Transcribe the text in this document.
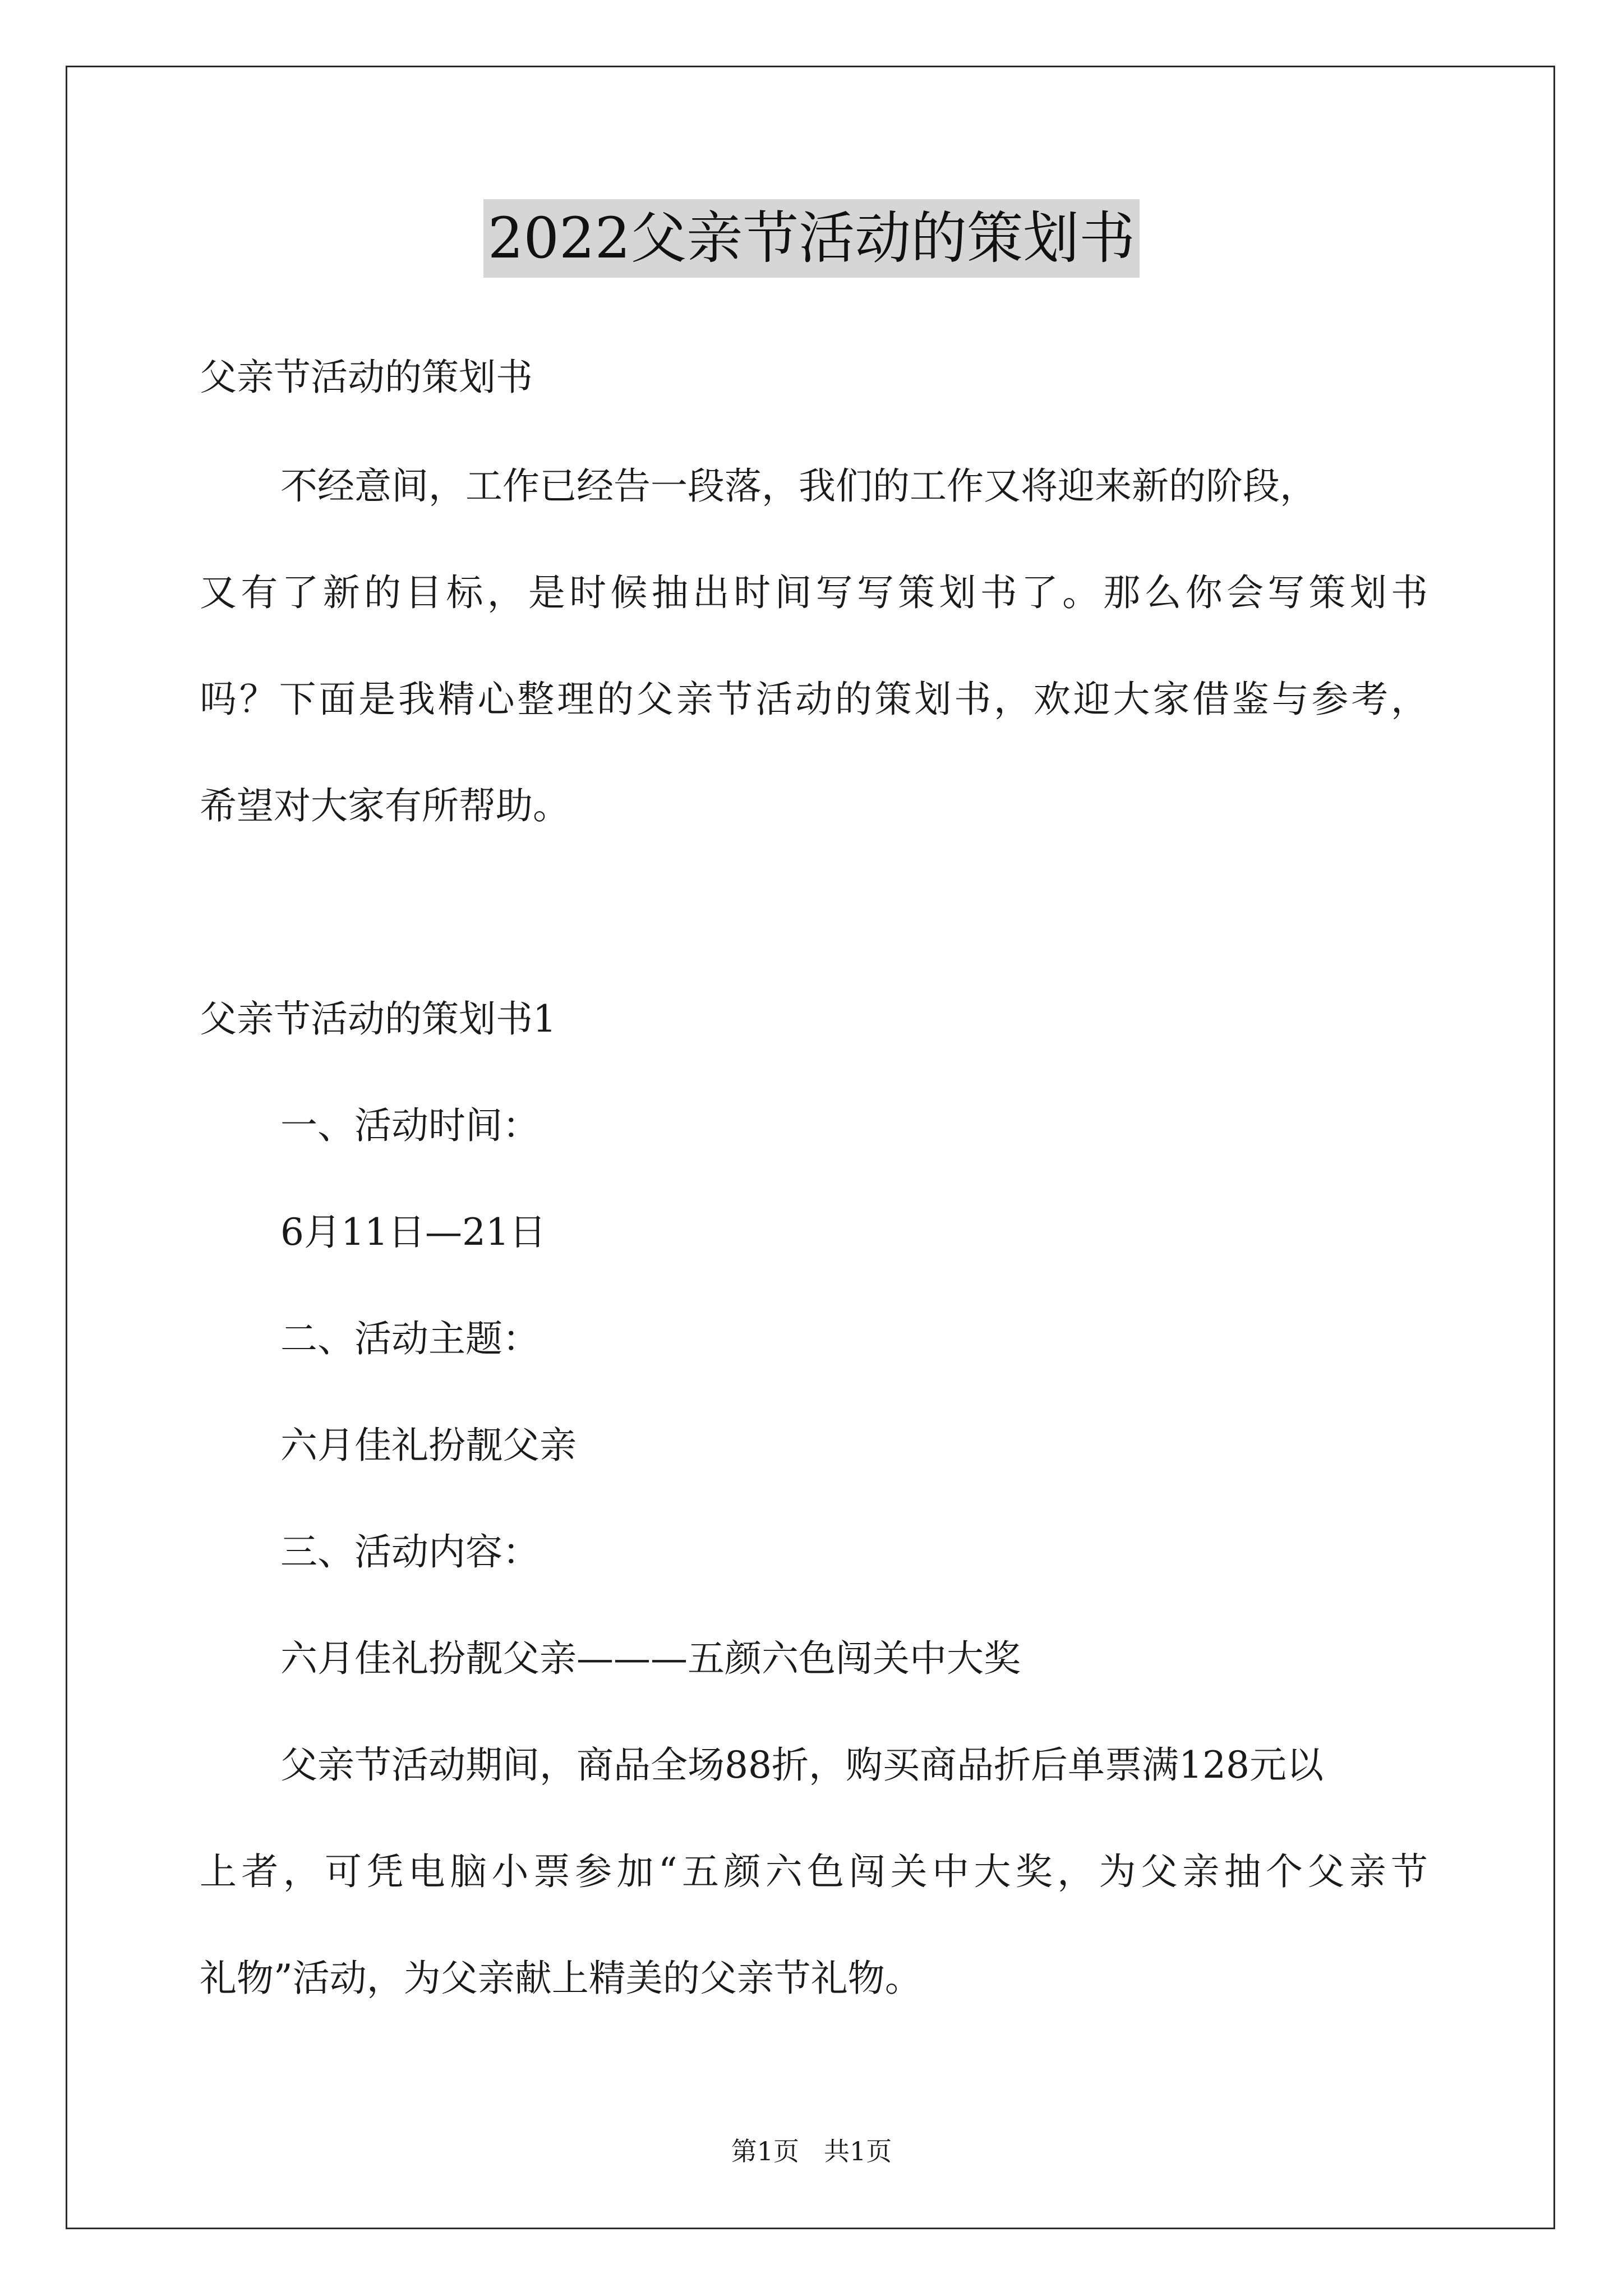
2022父亲节活动的策划书
父亲节活动的策划书
不经意间，工作已经告一段落，我们的工作又将迎来新的阶段，
又有了新的目标，是时候抽出时间写写策划书了。那么你会写策划书
吗？下面是我精心整理的父亲节活动的策划书，欢迎大家借鉴与参考，
希望对大家有所帮助。
父亲节活动的策划书1
一、活动时间：
6月11日—21日
二、活动主题：
六月佳礼扮靓父亲
三、活动内容：
六月佳礼扮靓父亲———五颜六色闯关中大奖
父亲节活动期间，商品全场88折，购买商品折后单票满128元以
上者，可凭电脑小票参加“五颜六色闯关中大奖，为父亲抽个父亲节
礼物”活动，为父亲献上精美的父亲节礼物。
第1页 共1页
